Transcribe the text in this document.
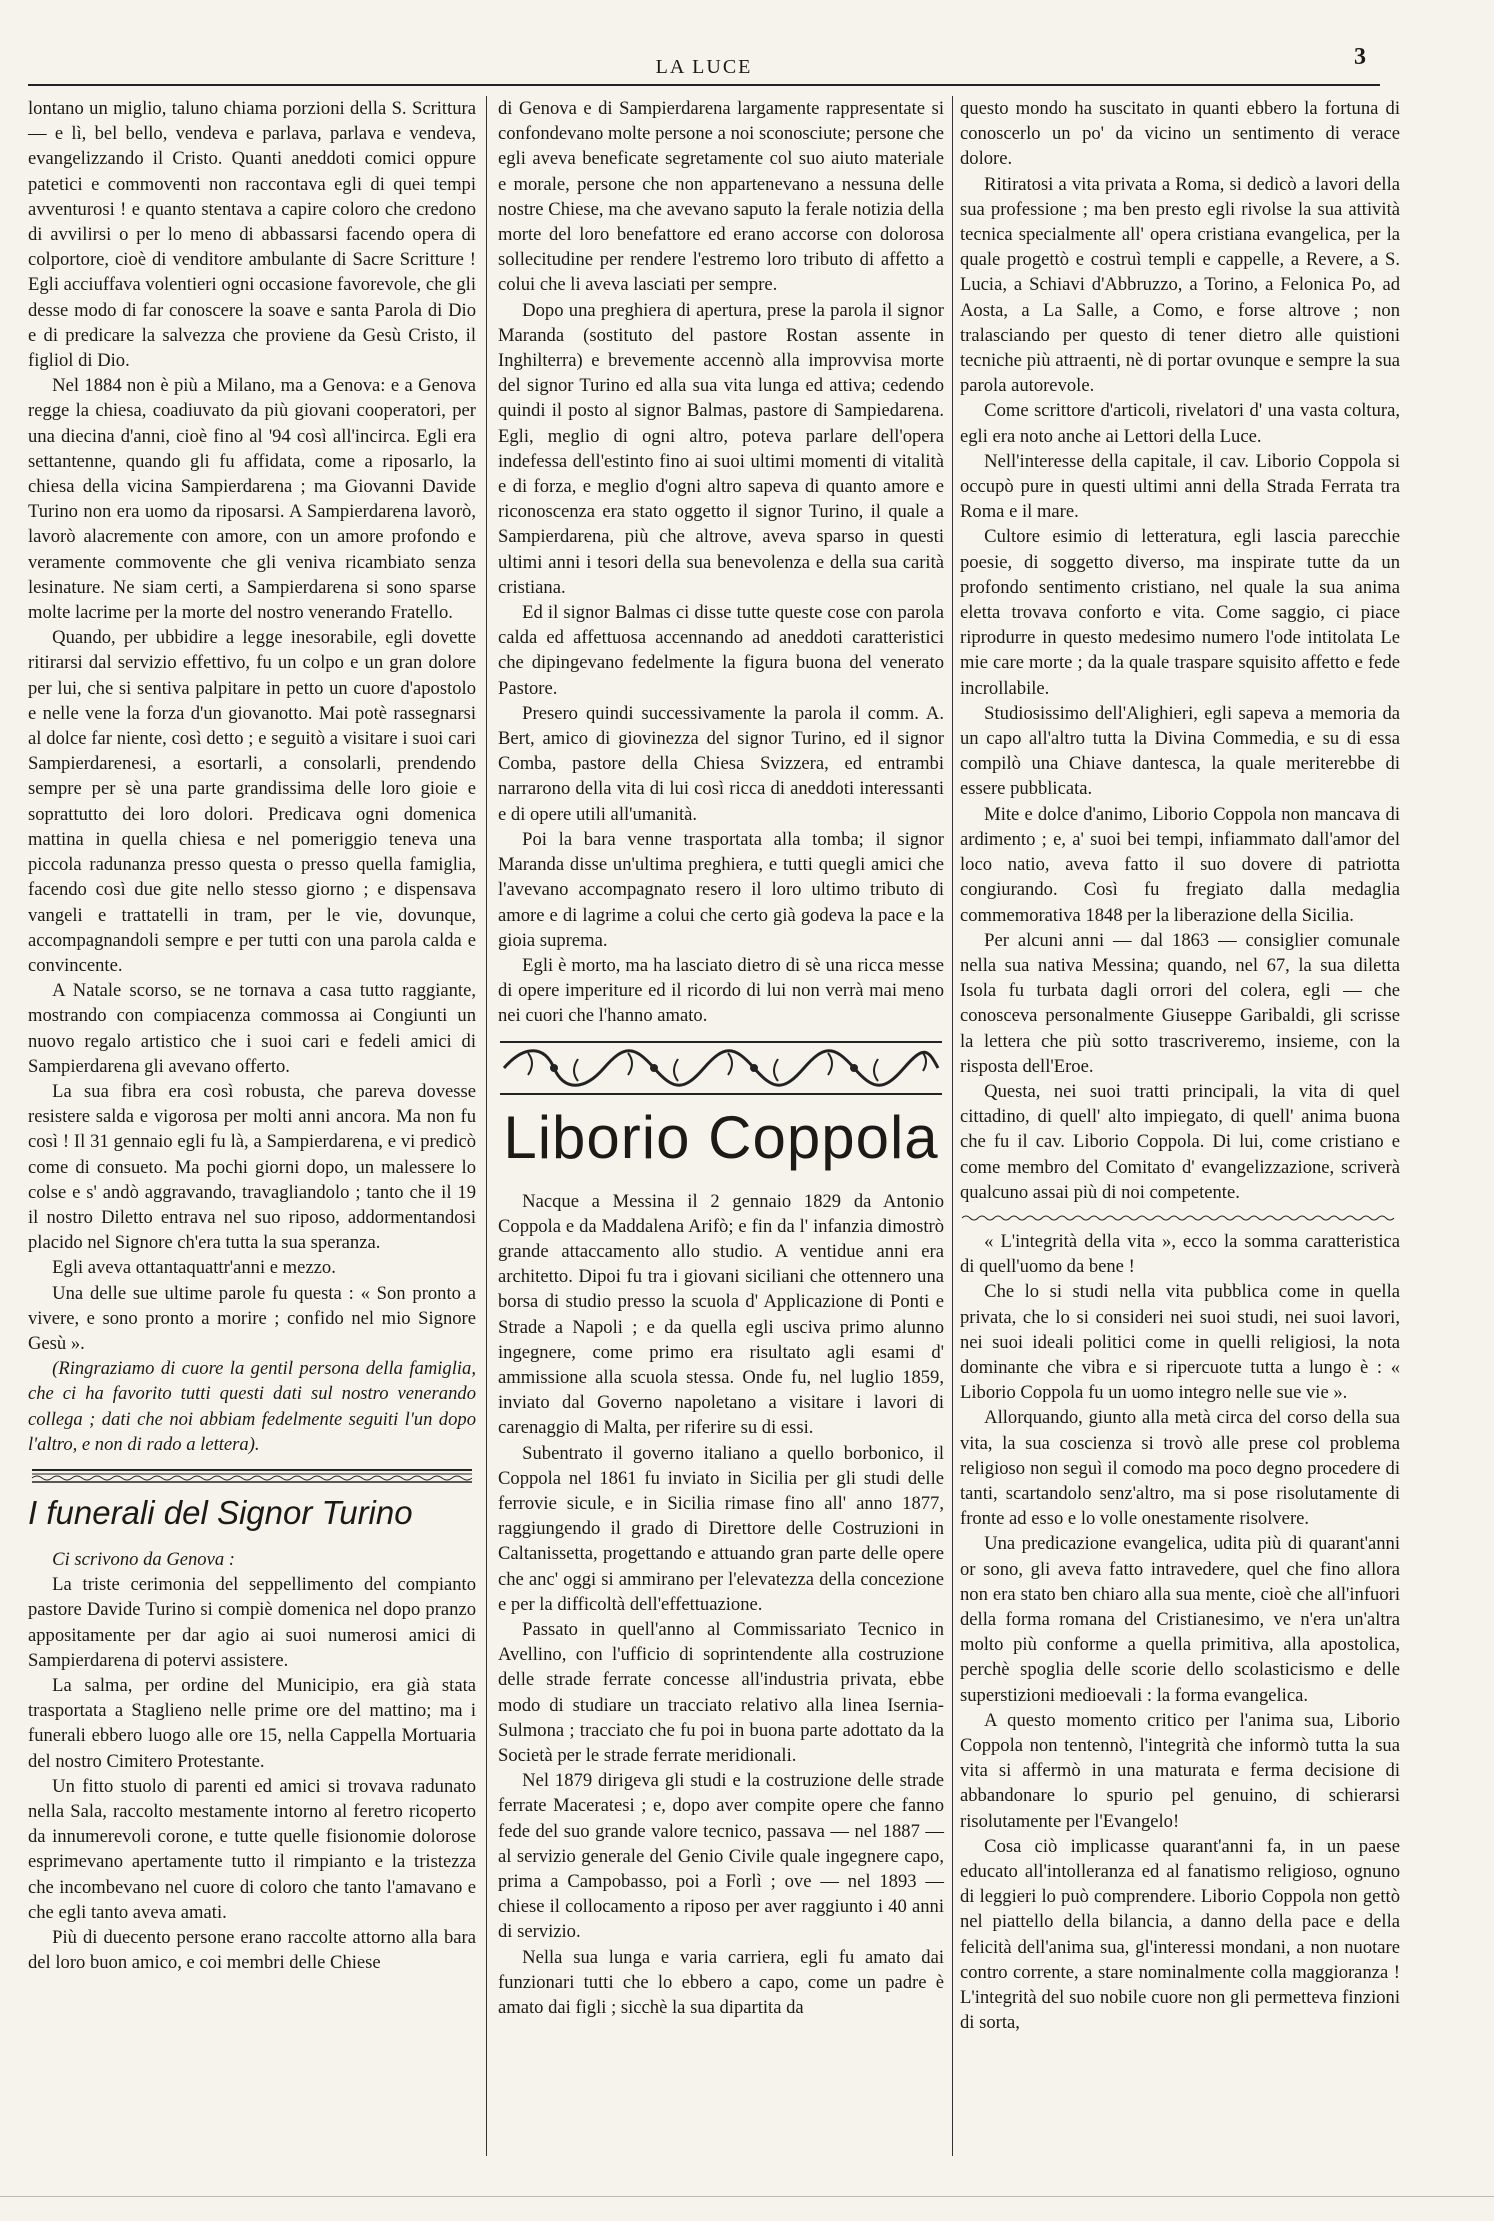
LA LUCE	3

lontano un miglio, taluno chiama porzioni della S. Scrittura — e lì, bel bello, vendeva e parlava, parlava e vendeva, evangelizzando il Cristo. Quanti aneddoti comici oppure patetici e commoventi non raccontava egli di quei tempi avventurosi ! e quanto stentava a capire coloro che credono di avvilirsi o per lo meno di abbassarsi facendo opera di colportore, cioè di venditore ambulante di Sacre Scritture ! Egli acciuffava volentieri ogni occasione favorevole, che gli desse modo di far conoscere la soave e santa Parola di Dio e di predicare la salvezza che proviene da Gesù Cristo, il figliol di Dio.

Nel 1884 non è più a Milano, ma a Genova: e a Genova regge la chiesa, coadiuvato da più giovani cooperatori, per una diecina d'anni, cioè fino al '94 così all'incirca. Egli era settantenne, quando gli fu affidata, come a riposarlo, la chiesa della vicina Sampierdarena ; ma Giovanni Davide Turino non era uomo da riposarsi. A Sampierdarena lavorò, lavorò alacremente con amore, con un amore profondo e veramente commovente che gli veniva ricambiato senza lesinature. Ne siam certi, a Sampierdarena si sono sparse molte lacrime per la morte del nostro venerando Fratello.

Quando, per ubbidire a legge inesorabile, egli dovette ritirarsi dal servizio effettivo, fu un colpo e un gran dolore per lui, che si sentiva palpitare in petto un cuore d'apostolo e nelle vene la forza d'un giovanotto. Mai potè rassegnarsi al dolce far niente, così detto ; e seguitò a visitare i suoi cari Sampierdarenesi, a esortarli, a consolarli, prendendo sempre per sè una parte grandissima delle loro gioie e soprattutto dei loro dolori. Predicava ogni domenica mattina in quella chiesa e nel pomeriggio teneva una piccola radunanza presso questa o presso quella famiglia, facendo così due gite nello stesso giorno ; e dispensava vangeli e trattatelli in tram, per le vie, dovunque, accompagnandoli sempre e per tutti con una parola calda e convincente.

A Natale scorso, se ne tornava a casa tutto raggiante, mostrando con compiacenza commossa ai Congiunti un nuovo regalo artistico che i suoi cari e fedeli amici di Sampierdarena gli avevano offerto.

La sua fibra era così robusta, che pareva dovesse resistere salda e vigorosa per molti anni ancora. Ma non fu così ! Il 31 gennaio egli fu là, a Sampierdarena, e vi predicò come di consueto. Ma pochi giorni dopo, un malessere lo colse e s' andò aggravando, travagliandolo ; tanto che il 19 il nostro Diletto entrava nel suo riposo, addormentandosi placido nel Signore ch'era tutta la sua speranza.

Egli aveva ottantaquattr'anni e mezzo.

Una delle sue ultime parole fu questa : « Son pronto a vivere, e sono pronto a morire ; confido nel mio Signore Gesù ».

(Ringraziamo di cuore la gentil persona della famiglia, che ci ha favorito tutti questi dati sul nostro venerando collega ; dati che noi abbiam fedelmente seguiti l'un dopo l'altro, e non di rado a lettera).

I funerali del Signor Turino

Ci scrivono da Genova :

La triste cerimonia del seppellimento del compianto pastore Davide Turino si compiè domenica nel dopo pranzo appositamente per dar agio ai suoi numerosi amici di Sampierdarena di potervi assistere.

La salma, per ordine del Municipio, era già stata trasportata a Staglieno nelle prime ore del mattino; ma i funerali ebbero luogo alle ore 15, nella Cappella Mortuaria del nostro Cimitero Protestante.

Un fitto stuolo di parenti ed amici si trovava radunato nella Sala, raccolto mestamente intorno al feretro ricoperto da innumerevoli corone, e tutte quelle fisionomie dolorose esprimevano apertamente tutto il rimpianto e la tristezza che incombevano nel cuore di coloro che tanto l'amavano e che egli tanto aveva amati.

Più di duecento persone erano raccolte attorno alla bara del loro buon amico, e coi membri delle Chiese

di Genova e di Sampierdarena largamente rappresentate si confondevano molte persone a noi sconosciute; persone che egli aveva beneficate segretamente col suo aiuto materiale e morale, persone che non appartenevano a nessuna delle nostre Chiese, ma che avevano saputo la ferale notizia della morte del loro benefattore ed erano accorse con dolorosa sollecitudine per rendere l'estremo loro tributo di affetto a colui che li aveva lasciati per sempre.

Dopo una preghiera di apertura, prese la parola il signor Maranda (sostituto del pastore Rostan assente in Inghilterra) e brevemente accennò alla improvvisa morte del signor Turino ed alla sua vita lunga ed attiva; cedendo quindi il posto al signor Balmas, pastore di Sampiedarena. Egli, meglio di ogni altro, poteva parlare dell'opera indefessa dell'estinto fino ai suoi ultimi momenti di vitalità e di forza, e meglio d'ogni altro sapeva di quanto amore e riconoscenza era stato oggetto il signor Turino, il quale a Sampierdarena, più che altrove, aveva sparso in questi ultimi anni i tesori della sua benevolenza e della sua carità cristiana.

Ed il signor Balmas ci disse tutte queste cose con parola calda ed affettuosa accennando ad aneddoti caratteristici che dipingevano fedelmente la figura buona del venerato Pastore.

Presero quindi successivamente la parola il comm. A. Bert, amico di giovinezza del signor Turino, ed il signor Comba, pastore della Chiesa Svizzera, ed entrambi narrarono della vita di lui così ricca di aneddoti interessanti e di opere utili all'umanità.

Poi la bara venne trasportata alla tomba; il signor Maranda disse un'ultima preghiera, e tutti quegli amici che l'avevano accompagnato resero il loro ultimo tributo di amore e di lagrime a colui che certo già godeva la pace e la gioia suprema.

Egli è morto, ma ha lasciato dietro di sè una ricca messe di opere imperiture ed il ricordo di lui non verrà mai meno nei cuori che l'hanno amato.

Liborio Coppola

Nacque a Messina il 2 gennaio 1829 da Antonio Coppola e da Maddalena Arifò; e fin da l' infanzia dimostrò grande attaccamento allo studio. A ventidue anni era architetto. Dipoi fu tra i giovani siciliani che ottennero una borsa di studio presso la scuola d' Applicazione di Ponti e Strade a Napoli ; e da quella egli usciva primo alunno ingegnere, come primo era risultato agli esami d' ammissione alla scuola stessa. Onde fu, nel luglio 1859, inviato dal Governo napoletano a visitare i lavori di carenaggio di Malta, per riferire su di essi.

Subentrato il governo italiano a quello borbonico, il Coppola nel 1861 fu inviato in Sicilia per gli studi delle ferrovie sicule, e in Sicilia rimase fino all' anno 1877, raggiungendo il grado di Direttore delle Costruzioni in Caltanissetta, progettando e attuando gran parte delle opere che anc' oggi si ammirano per l'elevatezza della concezione e per la difficoltà dell'effettuazione.

Passato in quell'anno al Commissariato Tecnico in Avellino, con l'ufficio di soprintendente alla costruzione delle strade ferrate concesse all'industria privata, ebbe modo di studiare un tracciato relativo alla linea Isernia-Sulmona ; tracciato che fu poi in buona parte adottato da la Società per le strade ferrate meridionali.

Nel 1879 dirigeva gli studi e la costruzione delle strade ferrate Maceratesi ; e, dopo aver compite opere che fanno fede del suo grande valore tecnico, passava — nel 1887 — al servizio generale del Genio Civile quale ingegnere capo, prima a Campobasso, poi a Forlì ; ove — nel 1893 — chiese il collocamento a riposo per aver raggiunto i 40 anni di servizio.

Nella sua lunga e varia carriera, egli fu amato dai funzionari tutti che lo ebbero a capo, come un padre è amato dai figli ; sicchè la sua dipartita da

questo mondo ha suscitato in quanti ebbero la fortuna di conoscerlo un po' da vicino un sentimento di verace dolore.

Ritiratosi a vita privata a Roma, si dedicò a lavori della sua professione ; ma ben presto egli rivolse la sua attività tecnica specialmente all' opera cristiana evangelica, per la quale progettò e costruì templi e cappelle, a Revere, a S. Lucia, a Schiavi d'Abbruzzo, a Torino, a Felonica Po, ad Aosta, a La Salle, a Como, e forse altrove ; non tralasciando per questo di tener dietro alle quistioni tecniche più attraenti, nè di portar ovunque e sempre la sua parola autorevole.

Come scrittore d'articoli, rivelatori d' una vasta coltura, egli era noto anche ai Lettori della Luce.

Nell'interesse della capitale, il cav. Liborio Coppola si occupò pure in questi ultimi anni della Strada Ferrata tra Roma e il mare.

Cultore esimio di letteratura, egli lascia parecchie poesie, di soggetto diverso, ma inspirate tutte da un profondo sentimento cristiano, nel quale la sua anima eletta trovava conforto e vita. Come saggio, ci piace riprodurre in questo medesimo numero l'ode intitolata Le mie care morte ; da la quale traspare squisito affetto e fede incrollabile.

Studiosissimo dell'Alighieri, egli sapeva a memoria da un capo all'altro tutta la Divina Commedia, e su di essa compilò una Chiave dantesca, la quale meriterebbe di essere pubblicata.

Mite e dolce d'animo, Liborio Coppola non mancava di ardimento ; e, a' suoi bei tempi, infiammato dall'amor del loco natio, aveva fatto il suo dovere di patriotta congiurando. Così fu fregiato dalla medaglia commemorativa 1848 per la liberazione della Sicilia.

Per alcuni anni — dal 1863 — consiglier comunale nella sua nativa Messina; quando, nel 67, la sua diletta Isola fu turbata dagli orrori del colera, egli — che conosceva personalmente Giuseppe Garibaldi, gli scrisse la lettera che più sotto trascriveremo, insieme, con la risposta dell'Eroe.

Questa, nei suoi tratti principali, la vita di quel cittadino, di quell' alto impiegato, di quell' anima buona che fu il cav. Liborio Coppola. Di lui, come cristiano e come membro del Comitato d' evangelizzazione, scriverà qualcuno assai più di noi competente.

« L'integrità della vita », ecco la somma caratteristica di quell'uomo da bene !

Che lo si studi nella vita pubblica come in quella privata, che lo si consideri nei suoi studi, nei suoi lavori, nei suoi ideali politici come in quelli religiosi, la nota dominante che vibra e si ripercuote tutta a lungo è : « Liborio Coppola fu un uomo integro nelle sue vie ».

Allorquando, giunto alla metà circa del corso della sua vita, la sua coscienza si trovò alle prese col problema religioso non seguì il comodo ma poco degno procedere di tanti, scartandolo senz'altro, ma si pose risolutamente di fronte ad esso e lo volle onestamente risolvere.

Una predicazione evangelica, udita più di quarant'anni or sono, gli aveva fatto intravedere, quel che fino allora non era stato ben chiaro alla sua mente, cioè che all'infuori della forma romana del Cristianesimo, ve n'era un'altra molto più conforme a quella primitiva, alla apostolica, perchè spoglia delle scorie dello scolasticismo e delle superstizioni medioevali : la forma evangelica.

A questo momento critico per l'anima sua, Liborio Coppola non tentennò, l'integrità che informò tutta la sua vita si affermò in una maturata e ferma decisione di abbandonare lo spurio pel genuino, di schierarsi risolutamente per l'Evangelo!

Cosa ciò implicasse quarant'anni fa, in un paese educato all'intolleranza ed al fanatismo religioso, ognuno di leggieri lo può comprendere. Liborio Coppola non gettò nel piattello della bilancia, a danno della pace e della felicità dell'anima sua, gl'interessi mondani, a non nuotare contro corrente, a stare nominalmente colla maggioranza ! L'integrità del suo nobile cuore non gli permetteva finzioni di sorta,
